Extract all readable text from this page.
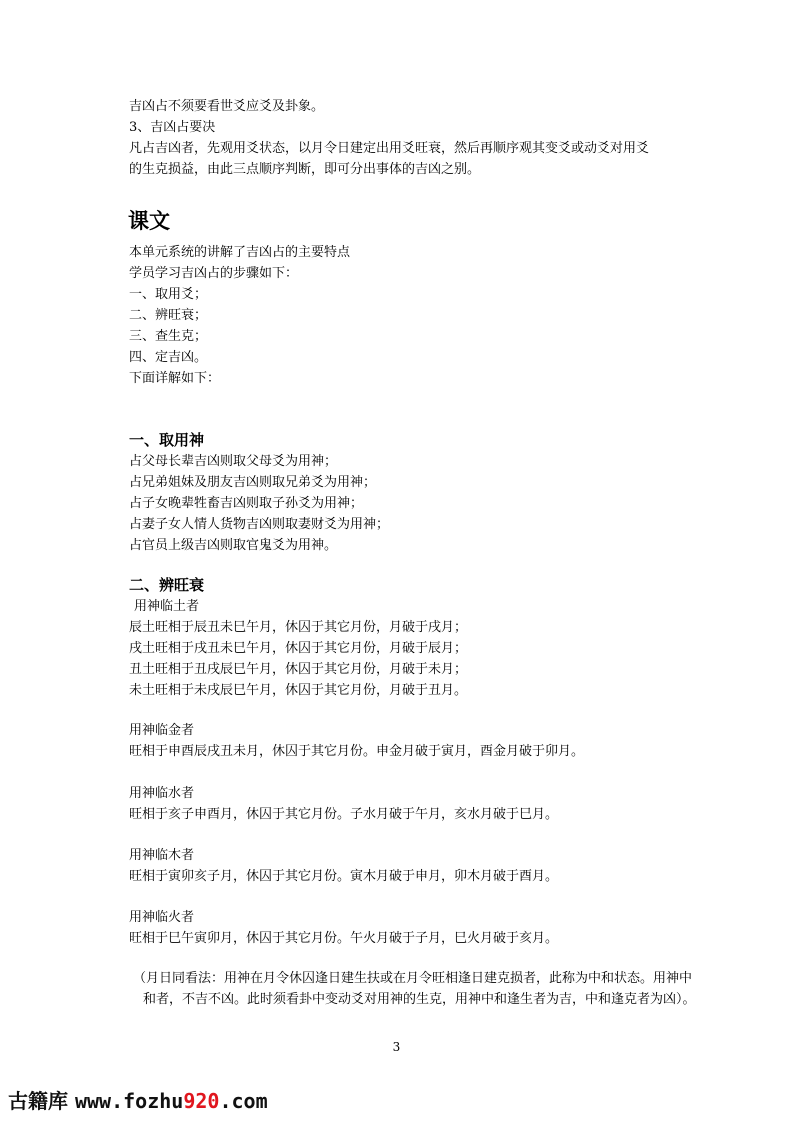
吉凶占不须要看世爻应爻及卦象。

3、吉凶占要决

凡占吉凶者，先观用爻状态，以月令日建定出用爻旺衰，然后再顺序观其变爻或动爻对用爻

的生克损益，由此三点顺序判断，即可分出事体的吉凶之别。

课文

本单元系统的讲解了吉凶占的主要特点

学员学习吉凶占的步骤如下：

一、取用爻；

二、辨旺衰；

三、查生克；

四、定吉凶。

下面详解如下：

一、取用神

占父母长辈吉凶则取父母爻为用神；

占兄弟姐妹及朋友吉凶则取兄弟爻为用神；

占子女晚辈牲畜吉凶则取子孙爻为用神；

占妻子女人情人货物吉凶则取妻财爻为用神；

占官员上级吉凶则取官鬼爻为用神。

二、辨旺衰

用神临土者

辰土旺相于辰丑未巳午月，休囚于其它月份，月破于戌月；

戌土旺相于戌丑未巳午月，休囚于其它月份，月破于辰月；

丑土旺相于丑戌辰巳午月，休囚于其它月份，月破于未月；

未土旺相于未戌辰巳午月，休囚于其它月份，月破于丑月。

用神临金者

旺相于申酉辰戌丑未月，休囚于其它月份。申金月破于寅月，酉金月破于卯月。

用神临水者

旺相于亥子申酉月，休囚于其它月份。子水月破于午月，亥水月破于巳月。

用神临木者

旺相于寅卯亥子月，休囚于其它月份。寅木月破于申月，卯木月破于酉月。

用神临火者

旺相于巳午寅卯月，休囚于其它月份。午火月破于子月，巳火月破于亥月。

（月日同看法：用神在月令休囚逢日建生扶或在月令旺相逢日建克损者，此称为中和状态。用神中
和者，不吉不凶。此时须看卦中变动爻对用神的生克，用神中和逢生者为吉，中和逢克者为凶）。

3

古籍库 www.fozhu920.com
